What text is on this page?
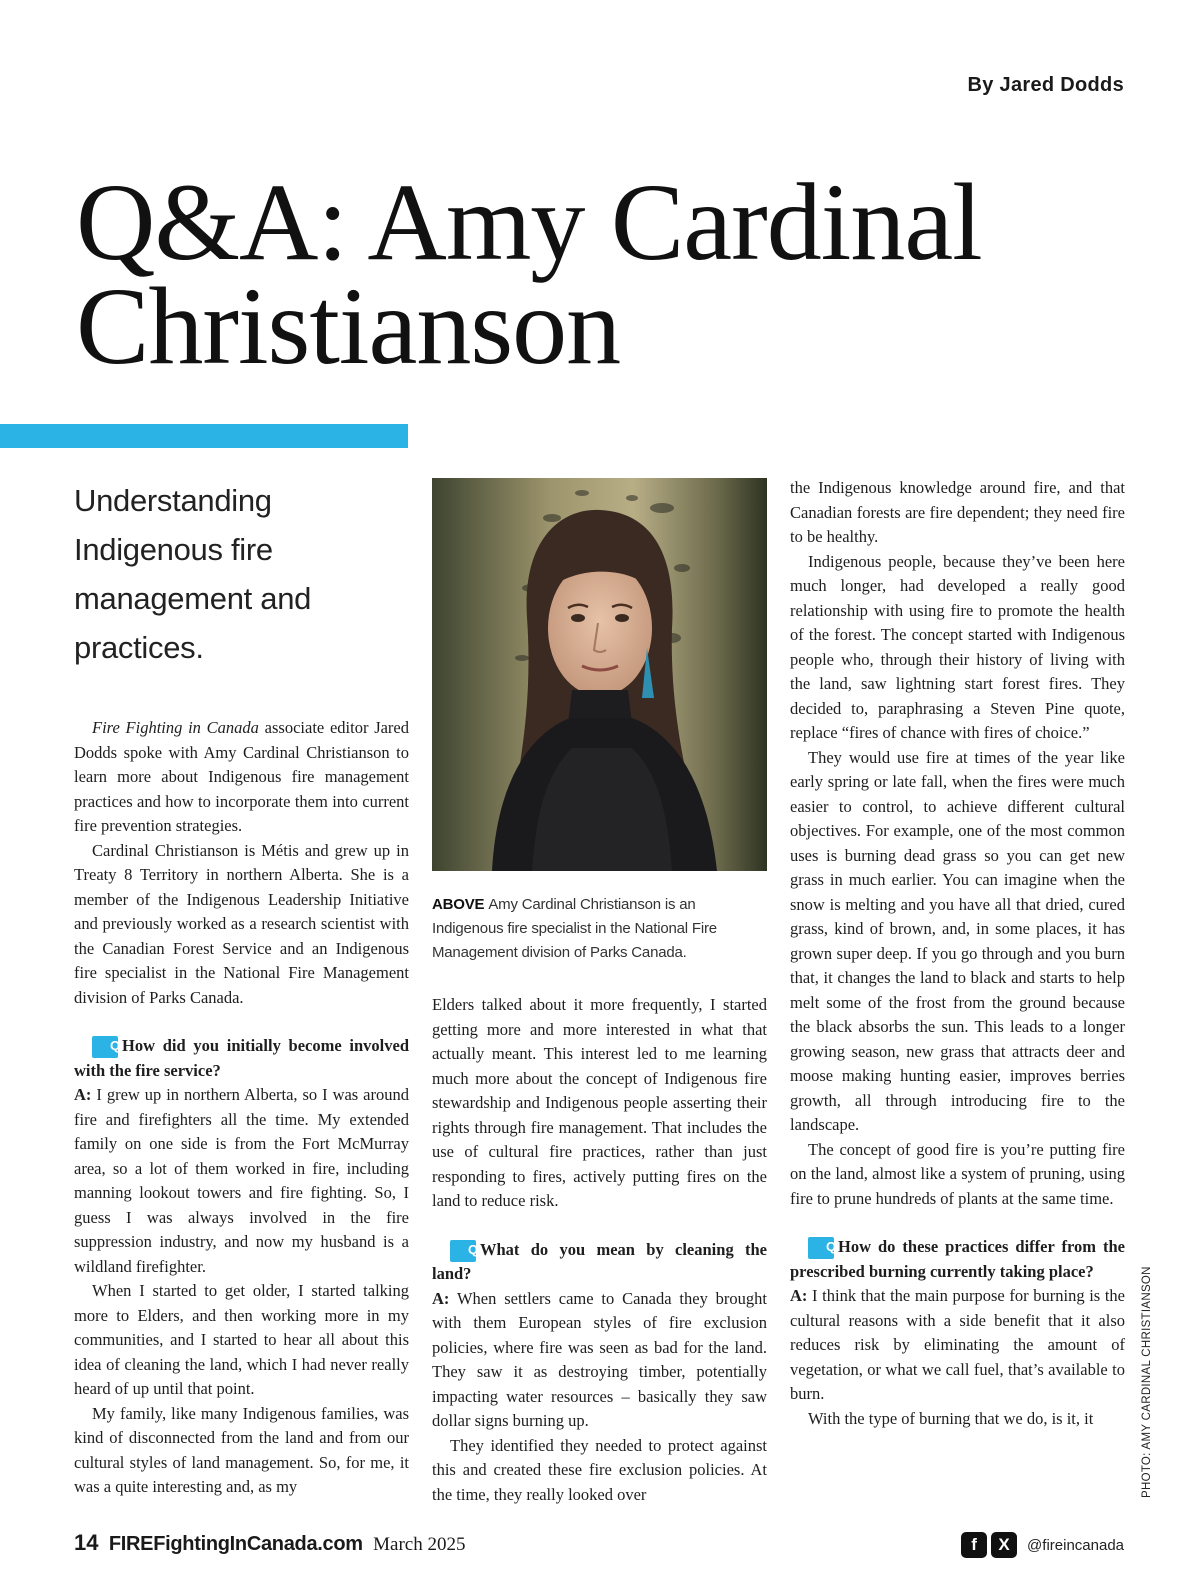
By Jared Dodds
Q&A: Amy Cardinal
Christianson
Understanding Indigenous fire management and practices.

Fire Fighting in Canada associate editor Jared Dodds spoke with Amy Cardinal Christianson to learn more about Indigenous fire management practices and how to incorporate them into current fire prevention strategies.

Cardinal Christianson is Métis and grew up in Treaty 8 Territory in northern Alberta. She is a member of the Indigenous Leadership Initiative and previously worked as a research scientist with the Canadian Forest Service and an Indigenous fire specialist in the National Fire Management division of Parks Canada.

Q:How did you initially become involved with the fire service?

A: I grew up in northern Alberta, so I was around fire and firefighters all the time. My extended family on one side is from the Fort McMurray area, so a lot of them worked in fire, including manning lookout towers and fire fighting. So, I guess I was always involved in the fire suppression industry, and now my husband is a wildland firefighter.

When I started to get older, I started talking more to Elders, and then working more in my communities, and I started to hear all about this idea of cleaning the land, which I had never really heard of up until that point.

My family, like many Indigenous families, was kind of disconnected from the land and from our cultural styles of land management. So, for me, it was a quite interesting and, as my

ABOVE Amy Cardinal Christianson is an Indigenous fire specialist in the National Fire Management division of Parks Canada.

Elders talked about it more frequently, I started getting more and more interested in what that actually meant. This interest led to me learning much more about the concept of Indigenous fire stewardship and Indigenous people asserting their rights through fire management. That includes the use of cultural fire practices, rather than just responding to fires, actively putting fires on the land to reduce risk.

Q:What do you mean by cleaning the land?

A: When settlers came to Canada they brought with them European styles of fire exclusion policies, where fire was seen as bad for the land. They saw it as destroying timber, potentially impacting water resources – basically they saw dollar signs burning up.

They identified they needed to protect against this and created these fire exclusion policies. At the time, they really looked over

the Indigenous knowledge around fire, and that Canadian forests are fire dependent; they need fire to be healthy.

Indigenous people, because they’ve been here much longer, had developed a really good relationship with using fire to promote the health of the forest. The concept started with Indigenous people who, through their history of living with the land, saw lightning start forest fires. They decided to, paraphrasing a Steven Pine quote, replace “fires of chance with fires of choice.”

They would use fire at times of the year like early spring or late fall, when the fires were much easier to control, to achieve different cultural objectives. For example, one of the most common uses is burning dead grass so you can get new grass in much earlier. You can imagine when the snow is melting and you have all that dried, cured grass, kind of brown, and, in some places, it has grown super deep. If you go through and you burn that, it changes the land to black and starts to help melt some of the frost from the ground because the black absorbs the sun. This leads to a longer growing season, new grass that attracts deer and moose making hunting easier, improves berries growth, all through introducing fire to the landscape.

The concept of good fire is you’re putting fire on the land, almost like a system of pruning, using fire to prune hundreds of plants at the same time.

Q:How do these practices differ from the prescribed burning currently taking place?

A: I think that the main purpose for burning is the cultural reasons with a side benefit that it also reduces risk by eliminating the amount of vegetation, or what we call fuel, that’s available to burn.

With the type of burning that we do, is it, it	PHOTO: AMY CARDINAL CHRISTIANSON
14 FIREFightingInCanada.com March 2025	f	X	@fireincanada
